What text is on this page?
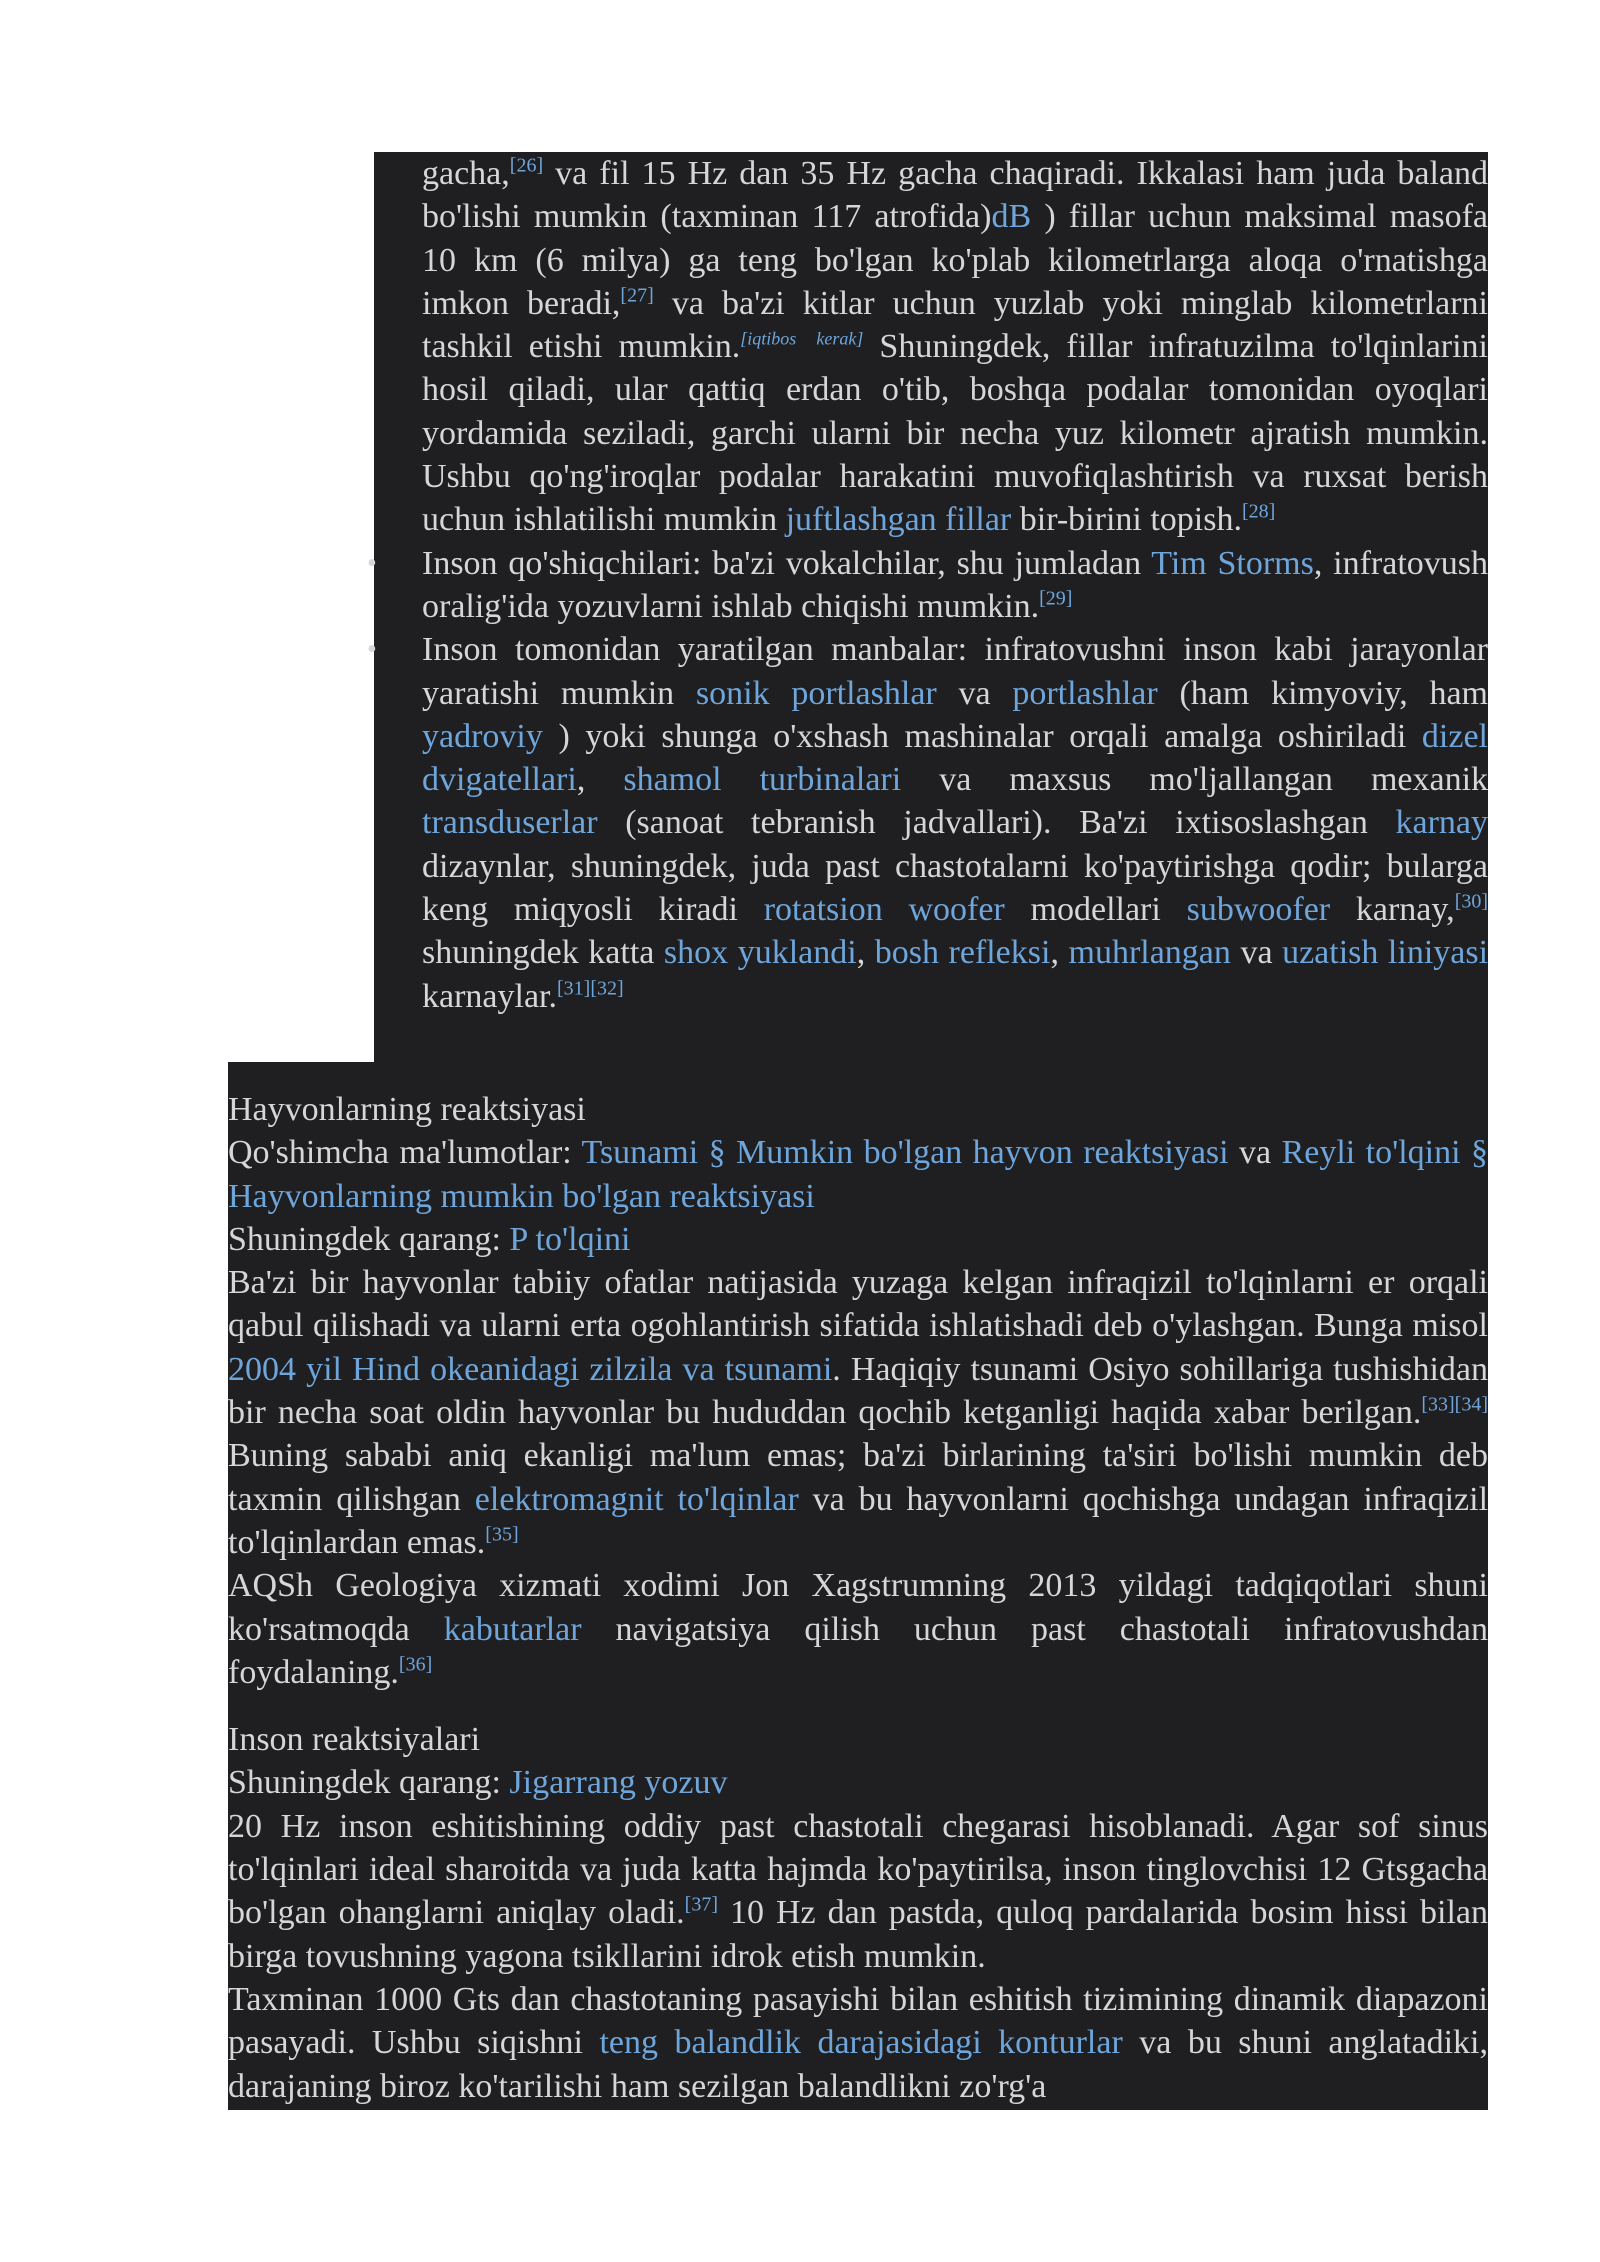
gacha,[26] va fil 15 Hz dan 35 Hz gacha chaqiradi. Ikkalasi ham juda baland bo'lishi mumkin (taxminan 117 atrofida)dB ) fillar uchun maksimal masofa 10 km (6 milya) ga teng bo'lgan ko'plab kilometrlarga aloqa o'rnatishga imkon beradi,[27] va ba'zi kitlar uchun yuzlab yoki minglab kilometrlarni tashkil etishi mumkin.[iqtibos kerak] Shuningdek, fillar infratuzilma to'lqinlarini hosil qiladi, ular qattiq erdan o'tib, boshqa podalar tomonidan oyoqlari yordamida seziladi, garchi ularni bir necha yuz kilometr ajratish mumkin. Ushbu qo'ng'iroqlar podalar harakatini muvofiqlashtirish va ruxsat berish uchun ishlatilishi mumkin juftlashgan fillar bir-birini topish.[28]

• Inson qo'shiqchilari: ba'zi vokalchilar, shu jumladan Tim Storms, infratovush oralig'ida yozuvlarni ishlab chiqishi mumkin.[29]
• Inson tomonidan yaratilgan manbalar: infratovushni inson kabi jarayonlar yaratishi mumkin sonik portlashlar va portlashlar (ham kimyoviy, ham yadroviy ) yoki shunga o'xshash mashinalar orqali amalga oshiriladi dizel dvigatellari, shamol turbinalari va maxsus mo'ljallangan mexanik transduserlar (sanoat tebranish jadvallari). Ba'zi ixtisoslashgan karnay dizaynlar, shuningdek, juda past chastotalarni ko'paytirishga qodir; bularga keng miqyosli kiradi rotatsion woofer modellari subwoofer karnay,[30] shuningdek katta shox yuklandi, bosh refleksi, muhrlangan va uzatish liniyasi karnaylar.[31][32]

Hayvonlarning reaktsiyasi

Qo'shimcha ma'lumotlar: Tsunami § Mumkin bo'lgan hayvon reaktsiyasi va Reyli to'lqini § Hayvonlarning mumkin bo'lgan reaktsiyasi

Shuningdek qarang: P to'lqini

Ba'zi bir hayvonlar tabiiy ofatlar natijasida yuzaga kelgan infraqizil to'lqinlarni er orqali qabul qilishadi va ularni erta ogohlantirish sifatida ishlatishadi deb o'ylashgan. Bunga misol 2004 yil Hind okeanidagi zilzila va tsunami. Haqiqiy tsunami Osiyo sohillariga tushishidan bir necha soat oldin hayvonlar bu hududdan qochib ketganligi haqida xabar berilgan.[33][34] Buning sababi aniq ekanligi ma'lum emas; ba'zi birlarining ta'siri bo'lishi mumkin deb taxmin qilishgan elektromagnit to'lqinlar va bu hayvonlarni qochishga undagan infraqizil to'lqinlardan emas.[35]

AQSh Geologiya xizmati xodimi Jon Xagstrumning 2013 yildagi tadqiqotlari shuni ko'rsatmoqda kabutarlar navigatsiya qilish uchun past chastotali infratovushdan foydalaning.[36]

Inson reaktsiyalari

Shuningdek qarang: Jigarrang yozuv

20 Hz inson eshitishining oddiy past chastotali chegarasi hisoblanadi. Agar sof sinus to'lqinlari ideal sharoitda va juda katta hajmda ko'paytirilsa, inson tinglovchisi 12 Gtsgacha bo'lgan ohanglarni aniqlay oladi.[37] 10 Hz dan pastda, quloq pardalarida bosim hissi bilan birga tovushning yagona tsikllarini idrok etish mumkin.

Taxminan 1000 Gts dan chastotaning pasayishi bilan eshitish tizimining dinamik diapazoni pasayadi. Ushbu siqishni teng balandlik darajasidagi konturlar va bu shuni anglatadiki, darajaning biroz ko'tarilishi ham sezilgan balandlikni zo'rg'a
